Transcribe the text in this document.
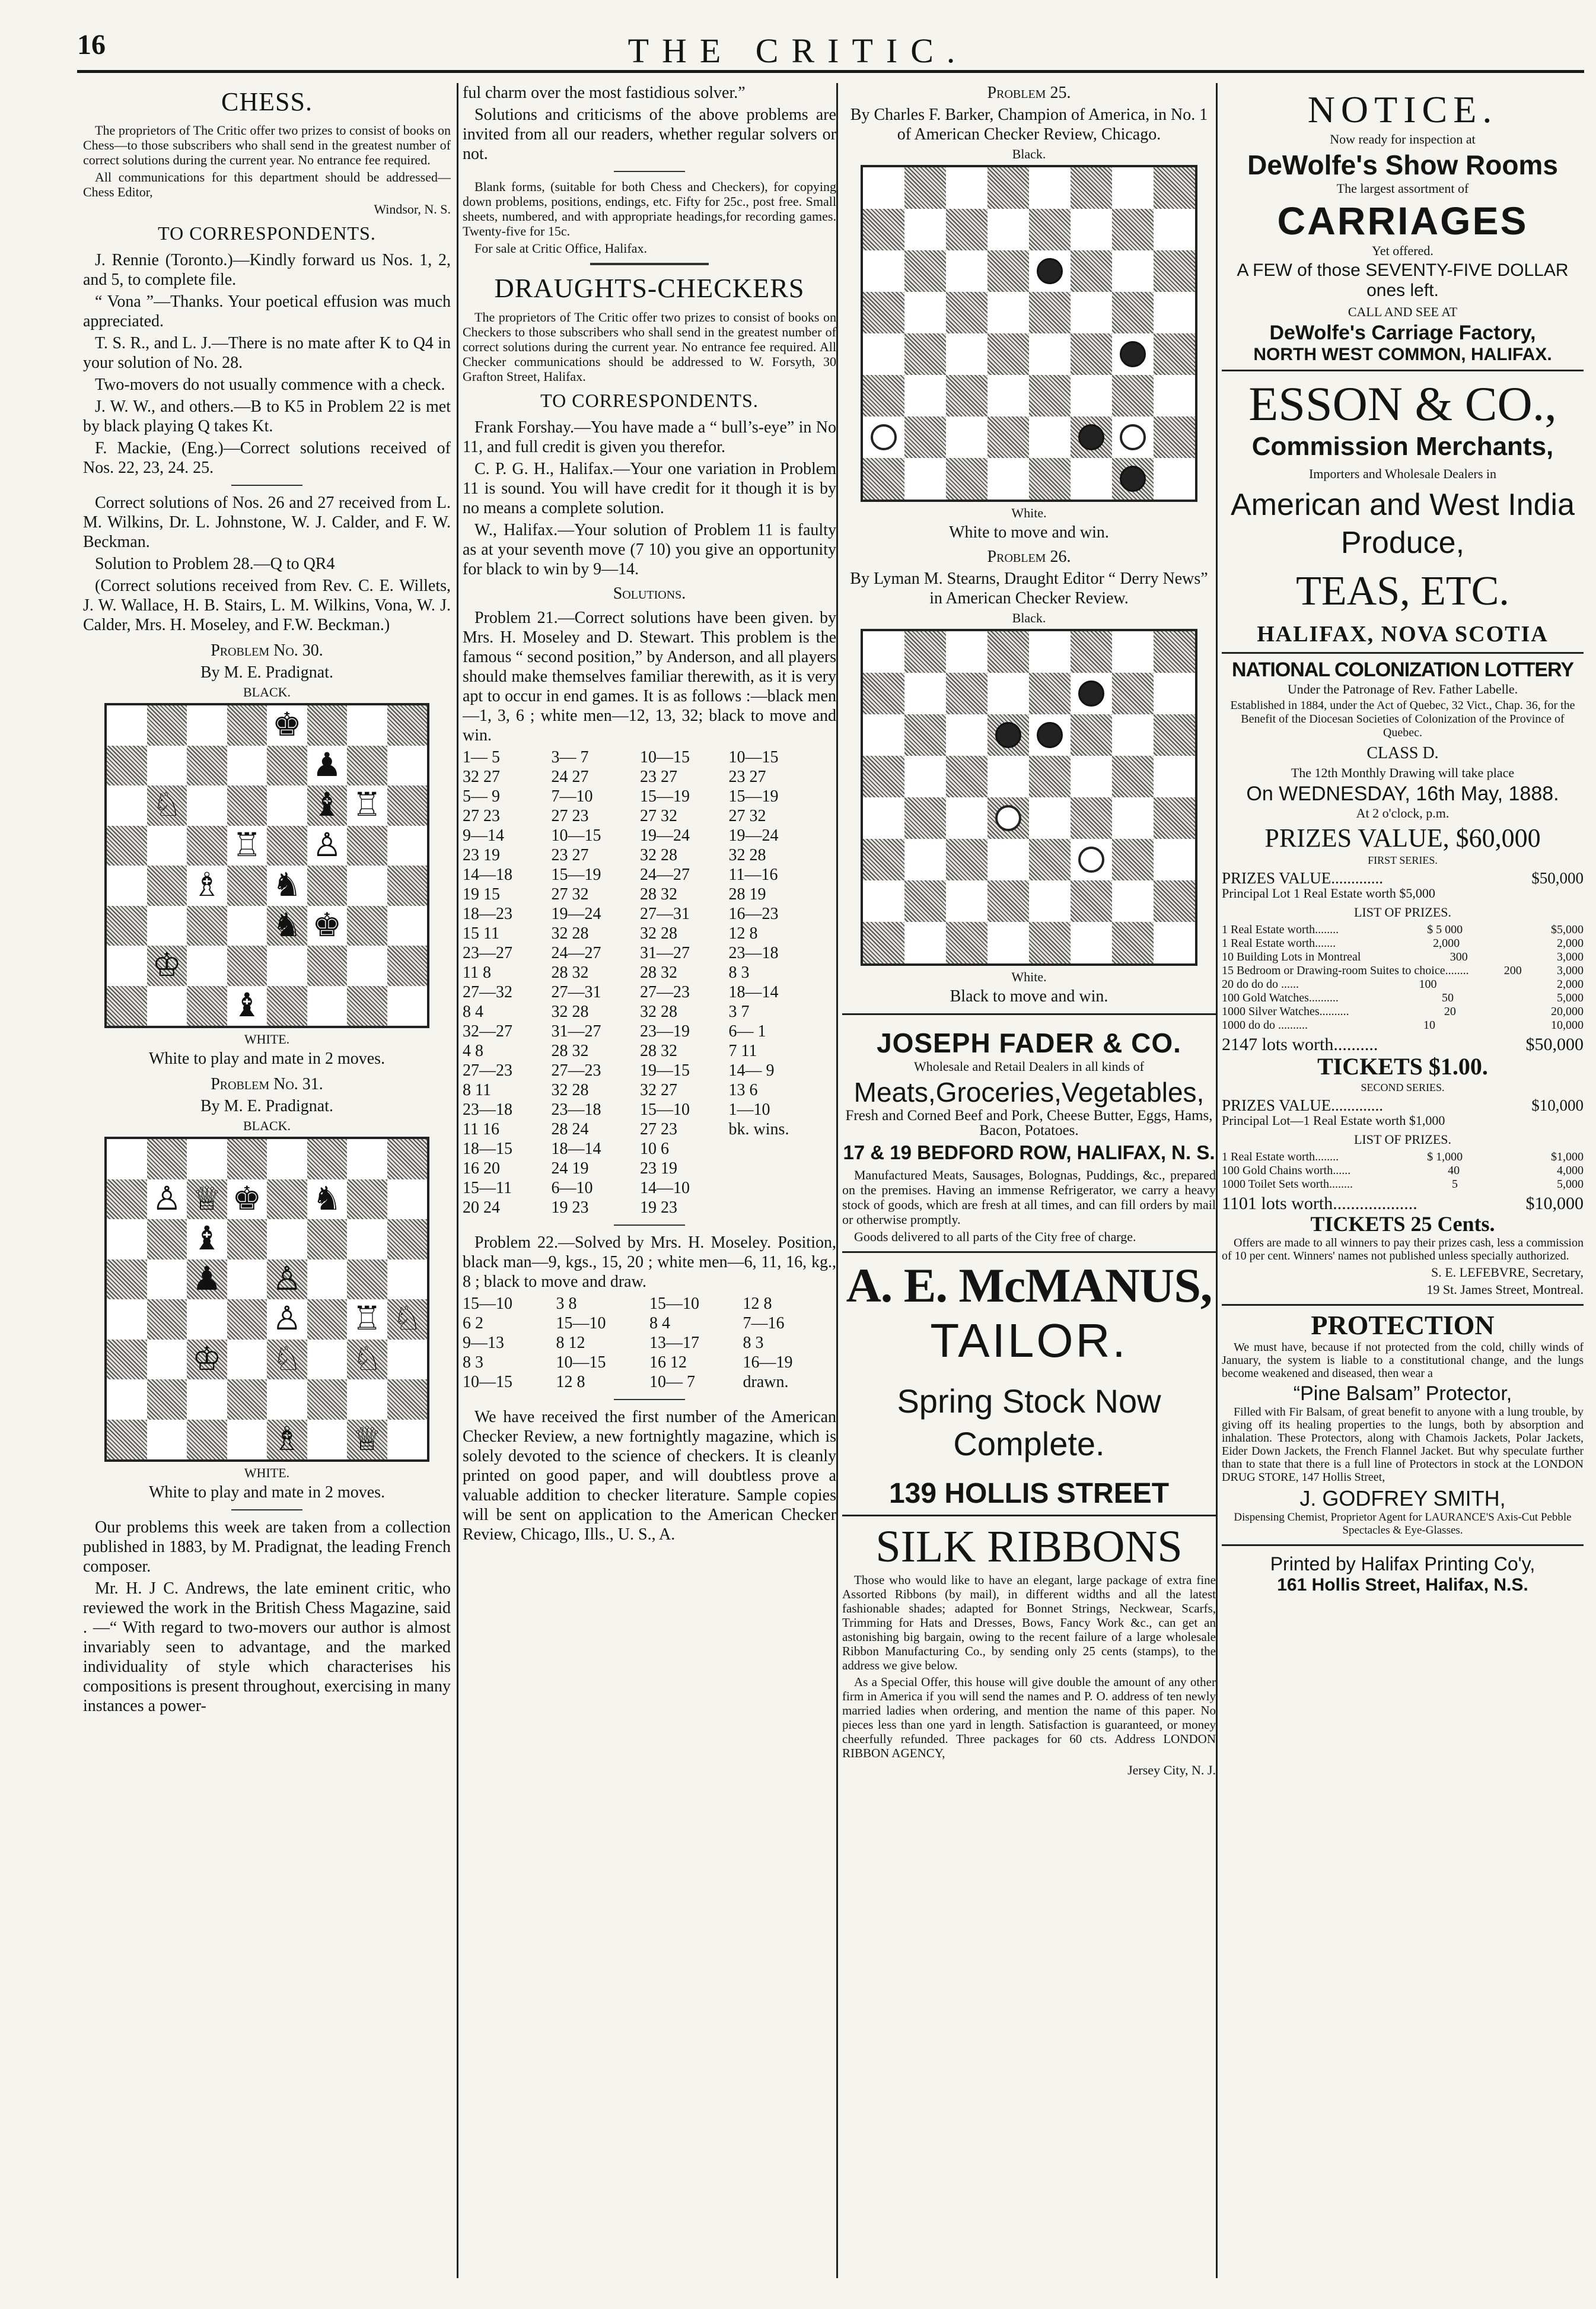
16	THE CRITIC.
CHESS.
The proprietors of The Critic offer two prizes to consist of books on Chess—to those subscribers who shall send in the greatest number of correct solutions during the current year. No entrance fee required.
All communications for this department should be addressed— Chess Editor,
Windsor, N. S.
TO CORRESPONDENTS.
J. Rennie (Toronto.)—Kindly forward us Nos. 1, 2, and 5, to complete file.
“ Vona ”—Thanks. Your poetical effusion was much appreciated.
T. S. R., and L. J.—There is no mate after K to Q4 in your solution of No. 28.
Two-movers do not usually commence with a check.
J. W. W., and others.—B to K5 in Problem 22 is met by black playing Q takes Kt.
F. Mackie, (Eng.)—Correct solutions received of Nos. 22, 23, 24. 25.
Correct solutions of Nos. 26 and 27 received from L. M. Wilkins, Dr. L. Johnstone, W. J. Calder, and F. W. Beckman.
Solution to Problem 28.—Q to QR4
(Correct solutions received from Rev. C. E. Willets, J. W. Wallace, H. B. Stairs, L. M. Wilkins, Vona, W. J. Calder, Mrs. H. Moseley, and F.W. Beckman.)
Problem No. 30.
By M. E. Pradignat.
BLACK.
♚
♟
♘	♝ ♖
♖ ♙
♗ ♞
♞ ♚
♔
♝
WHITE.
White to play and mate in 2 moves.
Problem No. 31.
By M. E. Pradignat.
BLACK.
♙ ♕ ♚ ♞
♝
♟ ♙
♙ ♖ ♘
♔ ♘ ♘
♗ ♕
WHITE.
White to play and mate in 2 moves.
Our problems this week are taken from a collection published in 1883, by M. Pradignat, the leading French composer.
Mr. H. J C. Andrews, the late eminent critic, who reviewed the work in the British Chess Magazine, said . —“ With regard to two-movers our author is almost invariably seen to advantage, and the marked individuality of style which characterises his compositions is present throughout, exercising in many instances a power-
ful charm over the most fastidious solver.”
Solutions and criticisms of the above problems are invited from all our readers, whether regular solvers or not.
Blank forms, (suitable for both Chess and Checkers), for copying down problems, positions, endings, etc. Fifty for 25c., post free. Small sheets, numbered, and with appropriate headings,for recording games. Twenty-five for 15c.
For sale at Critic Office, Halifax.
DRAUGHTS-CHECKERS
The proprietors of The Critic offer two prizes to consist of books on Checkers to those subscribers who shall send in the greatest number of correct solutions during the current year. No entrance fee required. All Checker communications should be addressed to W. Forsyth, 30 Grafton Street, Halifax.
TO CORRESPONDENTS.
Frank Forshay.—You have made a “ bull’s-eye” in No 11, and full credit is given you therefor.
C. P. G. H., Halifax.—Your one variation in Problem 11 is sound. You will have credit for it though it is by no means a complete solution.
W., Halifax.—Your solution of Problem 11 is faulty as at your seventh move (7 10) you give an opportunity for black to win by 9—14.
Solutions.
Problem 21.—Correct solutions have been given. by Mrs. H. Moseley and D. Stewart. This problem is the famous “ second position,” by Anderson, and all players should make themselves familiar therewith, as it is very apt to occur in end games. It is as follows :—black men—1, 3, 6 ; white men—12, 13, 32; black to move and win.
1— 5	3— 7	10—15	10—15
32 27	24 27	23 27	23 27
5— 9	7—10	15—19	15—19
27 23	27 23	27 32	27 32
9—14	10—15	19—24	19—24
23 19	23 27	32 28	32 28
14—18	15—19	24—27	11—16
19 15	27 32	28 32	28 19
18—23	19—24	27—31	16—23
15 11	32 28	32 28	12 8
23—27	24—27	31—27	23—18
11 8	28 32	28 32	8 3
27—32	27—31	27—23	18—14
8 4	32 28	32 28	3 7
32—27	31—27	23—19	6— 1
4 8	28 32	28 32	7 11
27—23	27—23	19—15	14— 9
8 11	32 28	32 27	13 6
23—18	23—18	15—10	1—10
11 16	28 24	27 23	bk. wins.
18—15	18—14	10 6	
16 20	24 19	23 19	
15—11	6—10	14—10	
20 24	19 23	19 23	
Problem 22.—Solved by Mrs. H. Moseley. Position, black man—9, kgs., 15, 20 ; white men—6, 11, 16, kg., 8 ; black to move and draw.
15—10	3 8	15—10	12 8
6 2	15—10	8 4	7—16
9—13	8 12	13—17	8 3
8 3	10—15	16 12	16—19
10—15	12 8	10— 7	drawn.
We have received the first number of the American Checker Review, a new fortnightly magazine, which is solely devoted to the science of checkers. It is cleanly printed on good paper, and will doubtless prove a valuable addition to checker literature. Sample copies will be sent on application to the American Checker Review, Chicago, Ills., U. S., A.
Problem 25.
By Charles F. Barker, Champion of America, in No. 1 of American Checker Review, Chicago.
Black.
White.
White to move and win.
Problem 26.
By Lyman M. Stearns, Draught Editor “ Derry News” in American Checker Review.
Black.
White.
Black to move and win.
JOSEPH FADER & CO.
Wholesale and Retail Dealers in all kinds of
Meats,Groceries,Vegetables,
Fresh and Corned Beef and Pork, Cheese Butter, Eggs, Hams, Bacon, Potatoes.
17 & 19 BEDFORD ROW, HALIFAX, N. S.
Manufactured Meats, Sausages, Bolognas, Puddings, &c., prepared on the premises. Having an immense Refrigerator, we carry a heavy stock of goods, which are fresh at all times, and can fill orders by mail or otherwise promptly.
Goods delivered to all parts of the City free of charge.
A. E. McMANUS,
TAILOR.
Spring Stock Now Complete.
139 HOLLIS STREET
SILK RIBBONS
Those who would like to have an elegant, large package of extra fine Assorted Ribbons (by mail), in different widths and all the latest fashionable shades; adapted for Bonnet Strings, Neckwear, Scarfs, Trimming for Hats and Dresses, Bows, Fancy Work &c., can get an astonishing big bargain, owing to the recent failure of a large wholesale Ribbon Manufacturing Co., by sending only 25 cents (stamps), to the address we give below.
As a Special Offer, this house will give double the amount of any other firm in America if you will send the names and P. O. address of ten newly married ladies when ordering, and mention the name of this paper. No pieces less than one yard in length. Satisfaction is guaranteed, or money cheerfully refunded. Three packages for 60 cts. Address LONDON RIBBON AGENCY,
Jersey City, N. J.
NOTICE.
Now ready for inspection at
DeWolfe's Show Rooms
The largest assortment of
CARRIAGES
Yet offered.
A FEW of those SEVENTY-FIVE DOLLAR ones left.
CALL AND SEE AT
DeWolfe's Carriage Factory,
NORTH WEST COMMON, HALIFAX.
ESSON & CO.,
Commission Merchants,
Importers and Wholesale Dealers in
American and West India Produce,
TEAS, ETC.
HALIFAX, NOVA SCOTIA
NATIONAL COLONIZATION LOTTERY
Under the Patronage of Rev. Father Labelle.
Established in 1884, under the Act of Quebec, 32 Vict., Chap. 36, for the Benefit of the Diocesan Societies of Colonization of the Province of Quebec.
CLASS D.
The 12th Monthly Drawing will take place
On WEDNESDAY, 16th May, 1888.
At 2 o'clock, p.m.
PRIZES VALUE, $60,000
FIRST SERIES.
PRIZES VALUE.............	$50,000
Principal Lot 1 Real Estate worth $5,000
LIST OF PRIZES.
1 Real Estate worth........	$ 5 000	$5,000
1 Real Estate worth.......	2,000	2,000
10 Building Lots in Montreal	300	3,000
15 Bedroom or Drawing-room Suites to choice........	200	3,000
20 do do do ......	100	2,000
100 Gold Watches..........	50	5,000
1000 Silver Watches..........	20	20,000
1000 do do ..........	10	10,000
2147 lots worth..........	$50,000
TICKETS $1.00.
SECOND SERIES.
PRIZES VALUE.............	$10,000
Principal Lot—1 Real Estate worth $1,000
LIST OF PRIZES.
1 Real Estate worth........	$ 1,000	$1,000
100 Gold Chains worth......	40	4,000
1000 Toilet Sets worth........	5	5,000
1101 lots worth...................	$10,000
TICKETS 25 Cents.
Offers are made to all winners to pay their prizes cash, less a commission of 10 per cent. Winners' names not published unless specially authorized.
S. E. LEFEBVRE, Secretary,
19 St. James Street, Montreal.
PROTECTION
We must have, because if not protected from the cold, chilly winds of January, the system is liable to a constitutional change, and the lungs become weakened and diseased, then wear a
“Pine Balsam” Protector,
Filled with Fir Balsam, of great benefit to anyone with a lung trouble, by giving off its healing properties to the lungs, both by absorption and inhalation. These Protectors, along with Chamois Jackets, Polar Jackets, Eider Down Jackets, the French Flannel Jacket. But why speculate further than to state that there is a full line of Protectors in stock at the LONDON DRUG STORE, 147 Hollis Street,
J. GODFREY SMITH,
Dispensing Chemist, Proprietor Agent for LAURANCE'S Axis-Cut Pebble Spectacles & Eye-Glasses.
Printed by Halifax Printing Co'y,
161 Hollis Street, Halifax, N.S.
